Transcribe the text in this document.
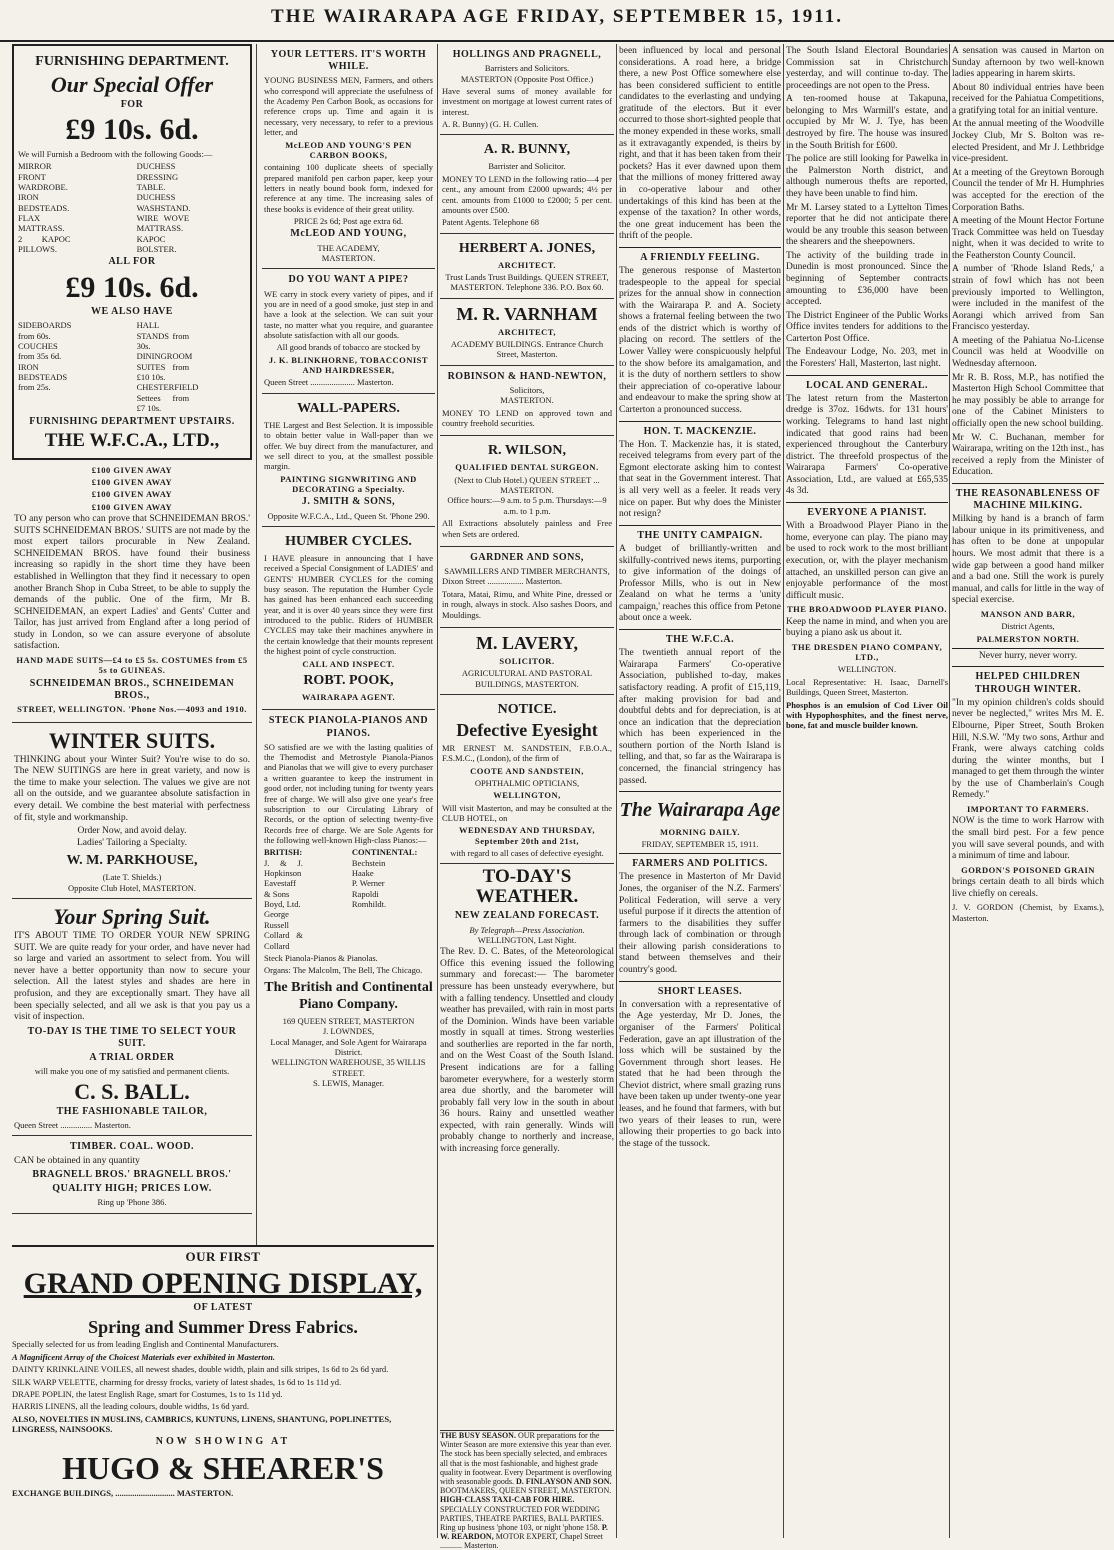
THE WAIRARAPA AGE FRIDAY, SEPTEMBER 15, 1911.
FURNISHING DEPARTMENT.
Our Special Offer
FOR
£9 10s. 6d.
We will Furnish a Bedroom with the following Goods:—
MIRROR FRONT WARDROBE.
IRON BEDSTEADS.
FLAX MATTRASS.
2 KAPOC PILLOWS.
DUCHESS DRESSING TABLE.
DUCHESS WASHSTAND.
WIRE WOVE MATTRASS.
KAPOC BOLSTER.
ALL FOR
£9 10s. 6d.
WE ALSO HAVE
SIDEBOARDS from 60s.
COUCHES from 35s 6d.
IRON BEDSTEADS from 25s.
HALL STANDS from 30s.
DININGROOM SUITES from £10 10s.
CHESTERFIELD Settees from £7 10s.
FURNISHING DEPARTMENT UPSTAIRS.
THE W.F.C.A., LTD.,
£100 GIVEN AWAY
£100 GIVEN AWAY
£100 GIVEN AWAY
£100 GIVEN AWAY
TO any person who can prove that SCHNEIDEMAN BROS.' SUITS SCHNEIDEMAN BROS.' SUITS are not made by the most expert tailors procurable in New Zealand. SCHNEIDEMAN BROS. have found their business increasing so rapidly in the short time they have been established in Wellington that they find it necessary to open another Branch Shop in Cuba Street, to be able to supply the demands of the public. One of the firm, Mr B. SCHNEIDEMAN, an expert Ladies' and Gents' Cutter and Tailor, has just arrived from England after a long period of study in London, so we can assure everyone of absolute satisfaction.
HAND MADE SUITS—£4 to £5 5s. COSTUMES from £5 5s to GUINEAS.
SCHNEIDEMAN BROS., SCHNEIDEMAN BROS.,
STREET, WELLINGTON. 'Phone Nos.—4093 and 1910.
WINTER SUITS.
THINKING about your Winter Suit? You're wise to do so. The NEW SUITINGS are here in great variety, and now is the time to make your selection. The values we give are not all on the outside, and we guarantee absolute satisfaction in every detail. We combine the best material with perfectness of fit, style and workmanship.
Order Now, and avoid delay.
Ladies' Tailoring a Specialty.
W. M. PARKHOUSE,
(Late T. Shields.)
Opposite Club Hotel, MASTERTON.
Your Spring Suit.
IT'S ABOUT TIME TO ORDER YOUR NEW SPRING SUIT. We are quite ready for your order, and have never had so large and varied an assortment to select from. You will never have a better opportunity than now to secure your selection. All the latest styles and shades are here in profusion, and they are exceptionally smart. They have all been specially selected, and all we ask is that you pay us a visit of inspection.
TO-DAY IS THE TIME TO SELECT YOUR SUIT.
A TRIAL ORDER
will make you one of my satisfied and permanent clients.
C. S. BALL.
THE FASHIONABLE TAILOR,
Queen Street ............... Masterton.
TIMBER. COAL. WOOD.
CAN be obtained in any quantity
BRAGNELL BROS.' BRAGNELL BROS.'
QUALITY HIGH; PRICES LOW.
Ring up 'Phone 386.
OUR FIRST
GRAND OPENING DISPLAY,
OF LATEST
Spring and Summer Dress Fabrics.
Specially selected for us from leading English and Continental Manufacturers.
A Magnificent Array of the Choicest Materials ever exhibited in Masterton.
DAINTY KRINKLAINE VOILES, all newest shades, double width, plain and silk stripes, 1s 6d to 2s 6d yard.
SILK WARP VELETTE, charming for dressy frocks, variety of latest shades, 1s 6d to 1s 11d yd.
DRAPE POPLIN, the latest English Rage, smart for Costumes, 1s to 1s 11d yd.
HARRIS LINENS, all the leading colours, double widths, 1s 6d yard.
ALSO, NOVELTIES IN MUSLINS, CAMBRICS, KUNTUNS, LINENS, SHANTUNG, POPLINETTES, LINGRESS, NAINSOOKS.
NOW SHOWING AT
HUGO & SHEARER'S
EXCHANGE BUILDINGS, ............................ MASTERTON.
YOUR LETTERS. IT'S WORTH WHILE.
YOUNG BUSINESS MEN, Farmers, and others who correspond will appreciate the usefulness of the Academy Pen Carbon Book, as occasions for reference crops up. Time and again it is necessary, very necessary, to refer to a previous letter, and
McLEOD AND YOUNG'S PEN CARBON BOOKS,
containing 100 duplicate sheets of specially prepared manifold pen carbon paper, keep your letters in neatly bound book form, indexed for reference at any time. The increasing sales of these books is evidence of their great utility.
PRICE 2s 6d; Post age extra 6d.
McLEOD AND YOUNG,
THE ACADEMY,
MASTERTON.
DO YOU WANT A PIPE?
WE carry in stock every variety of pipes, and if you are in need of a good smoke, just step in and have a look at the selection. We can suit your taste, no matter what you require, and guarantee absolute satisfaction with all our goods.
All good brands of tobacco are stocked by
J. K. BLINKHORNE, TOBACCONIST AND HAIRDRESSER,
Queen Street ..................... Masterton.
WALL-PAPERS.
THE Largest and Best Selection. It is impossible to obtain better value in Wall-paper than we offer. We buy direct from the manufacturer, and we sell direct to you, at the smallest possible margin.
PAINTING SIGNWRITING AND DECORATING a Specialty.
J. SMITH & SONS,
Opposite W.F.C.A., Ltd., Queen St. 'Phone 290.
HUMBER CYCLES.
I HAVE pleasure in announcing that I have received a Special Consignment of LADIES' and GENTS' HUMBER CYCLES for the coming busy season. The reputation the Humber Cycle has gained has been enhanced each succeeding year, and it is over 40 years since they were first introduced to the public. Riders of HUMBER CYCLES may take their machines anywhere in the certain knowledge that their mounts represent the highest point of cycle construction.
CALL AND INSPECT.
ROBT. POOK,
WAIRARAPA AGENT.
STECK PIANOLA-PIANOS AND PIANOS.
SO satisfied are we with the lasting qualities of the Themodist and Metrostyle Pianola-Pianos and Pianolas that we will give to every purchaser a written guarantee to keep the instrument in good order, not including tuning for twenty years free of charge. We will also give one year's free subscription to our Circulating Library of Records, or the option of selecting twenty-five Records free of charge. We are Sole Agents for the following well-known High-class Pianos:—
BRITISH:
J. & J. Hopkinson
Eavestaff & Sons
Boyd, Ltd.
George Russell
Collard & Collard
CONTINENTAL:
Bechstein
Haake
P. Werner
Rapoldi
Romhildt.
Steck Pianola-Pianos & Pianolas.
Organs: The Malcolm, The Bell, The Chicago.
The British and Continental Piano Company.
169 QUEEN STREET, MASTERTON
J. LOWNDES,
Local Manager, and Sole Agent for Wairarapa District.
WELLINGTON WAREHOUSE, 35 WILLIS STREET.
S. LEWIS, Manager.
HOLLINGS AND PRAGNELL,
Barristers and Solicitors.
MASTERTON (Opposite Post Office.)
Have several sums of money available for investment on mortgage at lowest current rates of interest.
A. R. Bunny) (G. H. Cullen.
A. R. BUNNY,
Barrister and Solicitor.
MONEY TO LEND in the following ratio—4 per cent., any amount from £2000 upwards; 4½ per cent. amounts from £1000 to £2000; 5 per cent. amounts over £500.
Patent Agents. Telephone 68
HERBERT A. JONES,
ARCHITECT.
Trust Lands Trust Buildings. QUEEN STREET, MASTERTON. Telephone 336. P.O. Box 60.
M. R. VARNHAM
ARCHITECT,
ACADEMY BUILDINGS. Entrance Church Street, Masterton.
ROBINSON & HAND-NEWTON,
Solicitors,
MASTERTON.
MONEY TO LEND on approved town and country freehold securities.
R. WILSON,
QUALIFIED DENTAL SURGEON.
(Next to Club Hotel.) QUEEN STREET ... MASTERTON.
Office hours:—9 a.m. to 5 p.m. Thursdays:—9 a.m. to 1 p.m.
All Extractions absolutely painless and Free when Sets are ordered.
GARDNER AND SONS,
SAWMILLERS AND TIMBER MERCHANTS,
Dixon Street ................. Masterton.
Totara, Matai, Rimu, and White Pine, dressed or in rough, always in stock. Also sashes Doors, and Mouldings.
M. LAVERY,
SOLICITOR.
AGRICULTURAL AND PASTORAL BUILDINGS, MASTERTON.
NOTICE.
Defective Eyesight
MR ERNEST M. SANDSTEIN, F.B.O.A., F.S.M.C., (London), of the firm of
COOTE AND SANDSTEIN,
OPHTHALMIC OPTICIANS,
WELLINGTON,
Will visit Masterton, and may be consulted at the CLUB HOTEL, on
WEDNESDAY AND THURSDAY, September 20th and 21st,
with regard to all cases of defective eyesight.
TO-DAY'S WEATHER.
NEW ZEALAND FORECAST.
By Telegraph—Press Association.
WELLINGTON, Last Night.
The Rev. D. C. Bates, of the Meteorological Office this evening issued the following summary and forecast:— The barometer pressure has been unsteady everywhere, but with a falling tendency. Unsettled and cloudy weather has prevailed, with rain in most parts of the Dominion. Winds have been variable mostly in squall at times. Strong westerlies and southerlies are reported in the far north, and on the West Coast of the South Island. Present indications are for a falling barometer everywhere, for a westerly storm area due shortly, and the barometer will probably fall very low in the south in about 36 hours. Rainy and unsettled weather expected, with rain generally. Winds will probably change to northerly and increase, with increasing force generally.
been influenced by local and personal considerations. A road here, a bridge there, a new Post Office somewhere else has been considered sufficient to entitle candidates to the everlasting and undying gratitude of the electors. But it ever occurred to those short-sighted people that the money expended in these works, small as it extravagantly expended, is theirs by right, and that it has been taken from their pockets? Has it ever dawned upon them that the millions of money frittered away in co-operative labour and other undertakings of this kind has been at the expense of the taxation? In other words, the one great inducement has been the thrift of the people.
A FRIENDLY FEELING.
The generous response of Masterton tradespeople to the appeal for special prizes for the annual show in connection with the Wairarapa P. and A. Society shows a fraternal feeling between the two ends of the district which is worthy of placing on record. The settlers of the Lower Valley were conspicuously helpful to the show before its amalgamation, and it is the duty of northern settlers to show their appreciation of co-operative labour and endeavour to make the spring show at Carterton a pronounced success.
HON. T. MACKENZIE.
The Hon. T. Mackenzie has, it is stated, received telegrams from every part of the Egmont electorate asking him to contest that seat in the Government interest. That is all very well as a feeler. It reads very nice on paper. But why does the Minister not resign?
THE UNITY CAMPAIGN.
A budget of brilliantly-written and skilfully-contrived news items, purporting to give information of the doings of Professor Mills, who is out in New Zealand on what he terms a 'unity campaign,' reaches this office from Petone about once a week.
THE W.F.C.A.
The twentieth annual report of the Wairarapa Farmers' Co-operative Association, published to-day, makes satisfactory reading. A profit of £15,119, after making provision for bad and doubtful debts and for depreciation, is at once an indication that the depreciation which has been experienced in the southern portion of the North Island is telling, and that, so far as the Wairarapa is concerned, the financial stringency has passed.
The Wairarapa Age
MORNING DAILY.
FRIDAY, SEPTEMBER 15, 1911.
FARMERS AND POLITICS.
The presence in Masterton of Mr David Jones, the organiser of the N.Z. Farmers' Political Federation, will serve a very useful purpose if it directs the attention of farmers to the disabilities they suffer through lack of combination or through their allowing parish considerations to stand between themselves and their country's good.
SHORT LEASES.
In conversation with a representative of the Age yesterday, Mr D. Jones, the organiser of the Farmers' Political Federation, gave an apt illustration of the loss which will be sustained by the Government through short leases. He stated that he had been through the Cheviot district, where small grazing runs have been taken up under twenty-one year leases, and he found that farmers, with but two years of their leases to run, were allowing their properties to go back into the stage of the tussock.
The South Island Electoral Boundaries Commission sat in Christchurch yesterday, and will continue to-day. The proceedings are not open to the Press.
A ten-roomed house at Takapuna, belonging to Mrs Warmill's estate, and occupied by Mr W. J. Tye, has been destroyed by fire. The house was insured in the South British for £600.
The police are still looking for Pawelka in the Palmerston North district, and although numerous thefts are reported, they have been unable to find him.
Mr M. Larsey stated to a Lyttelton Times reporter that he did not anticipate there would be any trouble this season between the shearers and the sheepowners.
The activity of the building trade in Dunedin is most pronounced. Since the beginning of September contracts amounting to £36,000 have been accepted.
The District Engineer of the Public Works Office invites tenders for additions to the Carterton Post Office.
The Endeavour Lodge, No. 203, met in the Foresters' Hall, Masterton, last night.
LOCAL AND GENERAL.
The latest return from the Masterton dredge is 37oz. 16dwts. for 131 hours' working. Telegrams to hand last night indicated that good rains had been experienced throughout the Canterbury district. The threefold prospectus of the Wairarapa Farmers' Co-operative Association, Ltd., are valued at £65,535 4s 3d.
EVERYONE A PIANIST.
With a Broadwood Player Piano in the home, everyone can play. The piano may be used to rock work to the most brilliant execution, or, with the player mechanism attached, an unskilled person can give an enjoyable performance of the most difficult music.
THE BROADWOOD PLAYER PIANO.
Keep the name in mind, and when you are buying a piano ask us about it.
THE DRESDEN PIANO COMPANY, LTD.,
WELLINGTON.
Local Representative: H. Isaac, Darnell's Buildings, Queen Street, Masterton.
Phosphos is an emulsion of Cod Liver Oil with Hypophosphites, and the finest nerve, bone, fat and muscle builder known.
A sensation was caused in Marton on Sunday afternoon by two well-known ladies appearing in harem skirts.
About 80 individual entries have been received for the Pahiatua Competitions, a gratifying total for an initial venture.
At the annual meeting of the Woodville Jockey Club, Mr S. Bolton was re-elected President, and Mr J. Lethbridge vice-president.
At a meeting of the Greytown Borough Council the tender of Mr H. Humphries was accepted for the erection of the Corporation Baths.
A meeting of the Mount Hector Fortune Track Committee was held on Tuesday night, when it was decided to write to the Featherston County Council.
A number of 'Rhode Island Reds,' a strain of fowl which has not been previously imported to Wellington, were included in the manifest of the Aorangi which arrived from San Francisco yesterday.
A meeting of the Pahiatua No-License Council was held at Woodville on Wednesday afternoon.
Mr R. B. Ross, M.P., has notified the Masterton High School Committee that he may possibly be able to arrange for one of the Cabinet Ministers to officially open the new school building.
Mr W. C. Buchanan, member for Wairarapa, writing on the 12th inst., has received a reply from the Minister of Education.
THE REASONABLENESS OF MACHINE MILKING.
Milking by hand is a branch of farm labour unique in its primitiveness, and has often to be done at unpopular hours. We most admit that there is a wide gap between a good hand milker and a bad one. Still the work is purely manual, and calls for little in the way of special exercise.
MANSON AND BARR,
District Agents,
PALMERSTON NORTH.
Never hurry, never worry.
HELPED CHILDREN THROUGH WINTER.
"In my opinion children's colds should never be neglected," writes Mrs M. E. Elbourne, Piper Street, South Broken Hill, N.S.W. "My two sons, Arthur and Frank, were always catching colds during the winter months, but I managed to get them through the winter by the use of Chamberlain's Cough Remedy."
IMPORTANT TO FARMERS.
NOW is the time to work Harrow with the small bird pest. For a few pence you will save several pounds, and with a minimum of time and labour.
GORDON'S POISONED GRAIN
brings certain death to all birds which live chiefly on cereals.
J. V. GORDON (Chemist, by Exams.), Masterton.
THE BUSY SEASON. OUR preparations for the Winter Season are more extensive this year than ever. The stock has been specially selected, and embraces all that is the most fashionable, and highest grade quality in footwear. Every Department is overflowing with seasonable goods. D. FINLAYSON AND SON. BOOTMAKERS, QUEEN STREET, MASTERTON. HIGH-CLASS TAXI-CAB FOR HIRE. SPECIALLY CONSTRUCTED FOR WEDDING PARTIES, THEATRE PARTIES, BALL PARTIES. Ring up business 'phone 103, or night 'phone 158. P. W. REARDON, MOTOR EXPERT, Chapel Street ........... Masterton.
